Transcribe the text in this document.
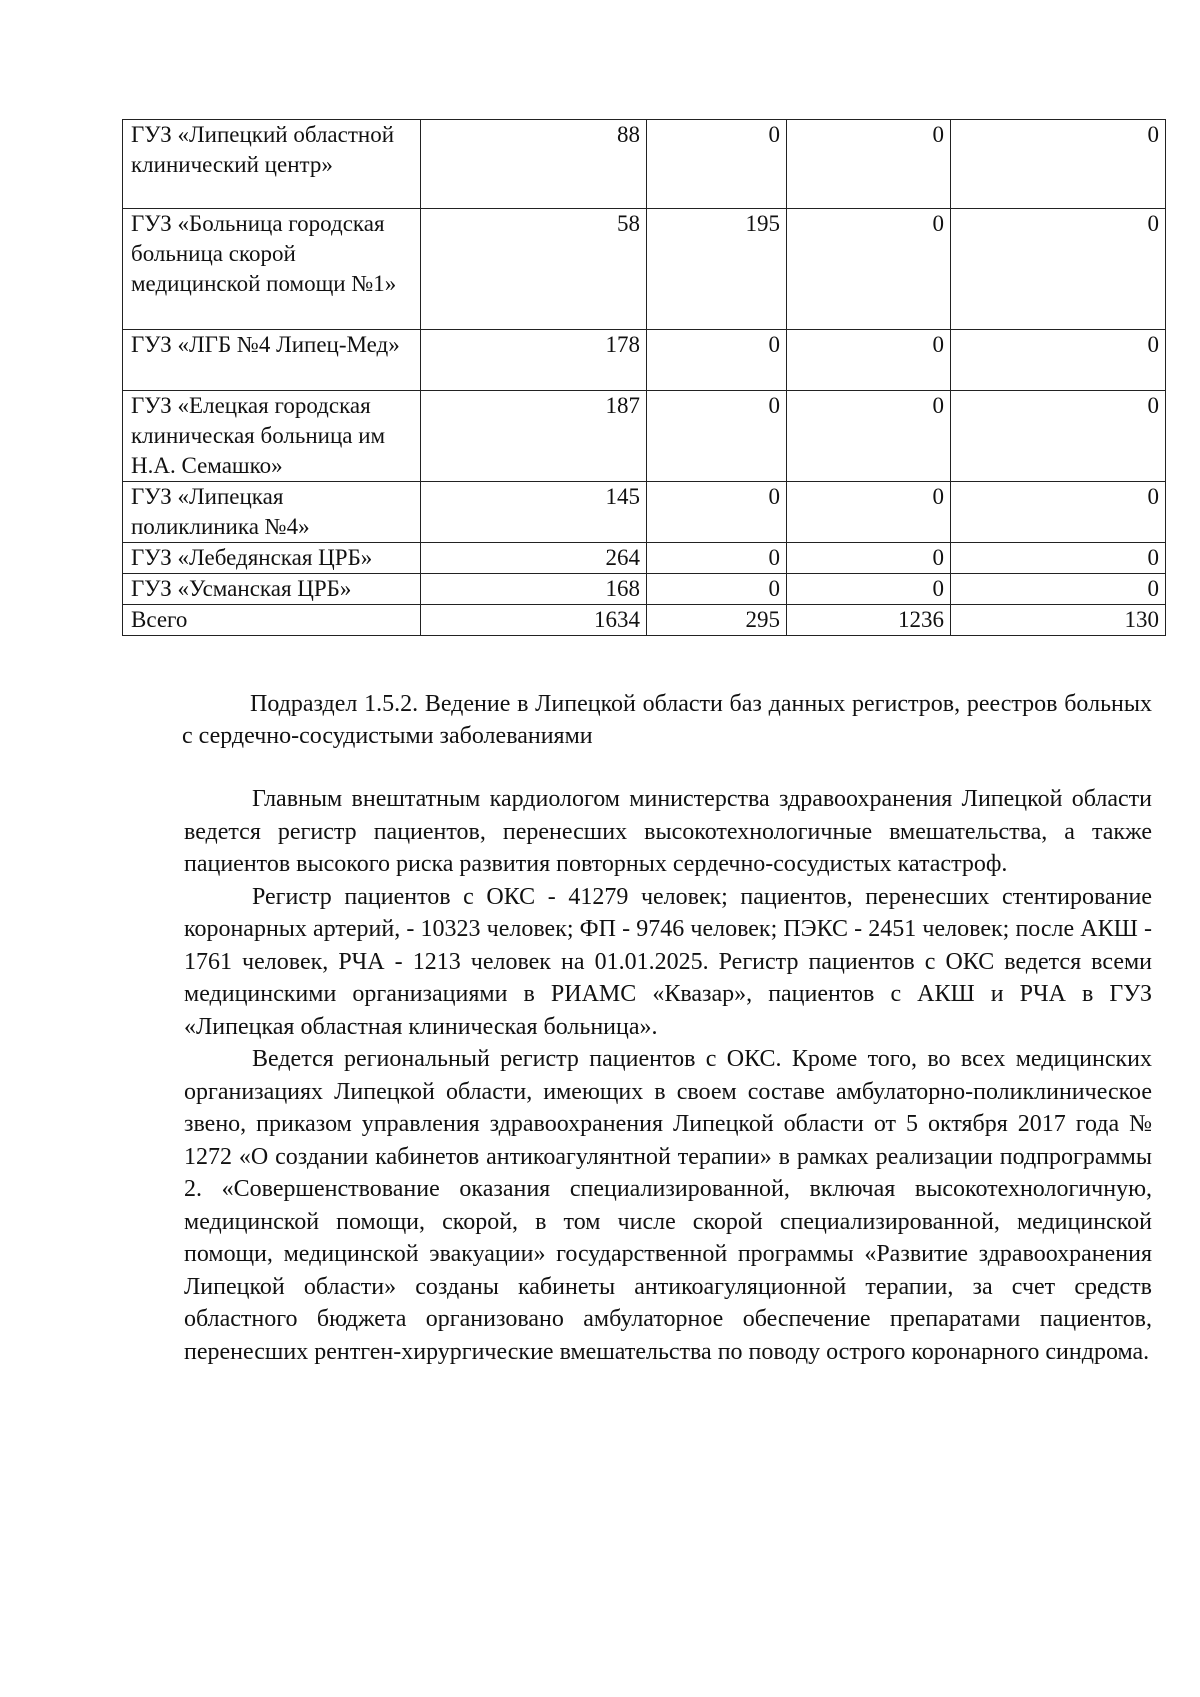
ГУЗ «Липецкий областной клинический центр»	88	0	0	0
ГУЗ «Больница городская больница скорой медицинской помощи №1»	58	195	0	0
ГУЗ «ЛГБ №4 Липец-Мед»	178	0	0	0
ГУЗ «Елецкая городская клиническая больница им Н.А. Семашко»	187	0	0	0
ГУЗ «Липецкая поликлиника №4»	145	0	0	0
ГУЗ «Лебедянская ЦРБ»	264	0	0	0
ГУЗ «Усманская ЦРБ»	168	0	0	0
Всего	1634	295	1236	130
Подраздел 1.5.2. Ведение в Липецкой области баз данных регистров, реестров больных с сердечно-сосудистыми заболеваниями

Главным внештатным кардиологом министерства здравоохранения Липецкой области ведется регистр пациентов, перенесших высокотехнологичные вмешательства, а также пациентов высокого риска развития повторных сердечно-сосудистых катастроф.

Регистр пациентов с ОКС - 41279 человек; пациентов, перенесших стентирование коронарных артерий, - 10323 человек; ФП - 9746 человек; ПЭКС - 2451 человек; после АКШ - 1761 человек, РЧА - 1213 человек на 01.01.2025. Регистр пациентов с ОКС ведется всеми медицинскими организациями в РИАМС «Квазар», пациентов с АКШ и РЧА в ГУЗ «Липецкая областная клиническая больница».

Ведется региональный регистр пациентов с ОКС. Кроме того, во всех медицинских организациях Липецкой области, имеющих в своем составе амбулаторно-поликлиническое звено, приказом управления здравоохранения Липецкой области от 5 октября 2017 года № 1272 «О создании кабинетов антикоагулянтной терапии» в рамках реализации подпрограммы 2. «Совершенствование оказания специализированной, включая высокотехнологичную, медицинской помощи, скорой, в том числе скорой специализированной, медицинской помощи, медицинской эвакуации» государственной программы «Развитие здравоохранения Липецкой области» созданы кабинеты антикоагуляционной терапии, за счет средств областного бюджета организовано амбулаторное обеспечение препаратами пациентов, перенесших рентген-хирургические вмешательства по поводу острого коронарного синдрома.
